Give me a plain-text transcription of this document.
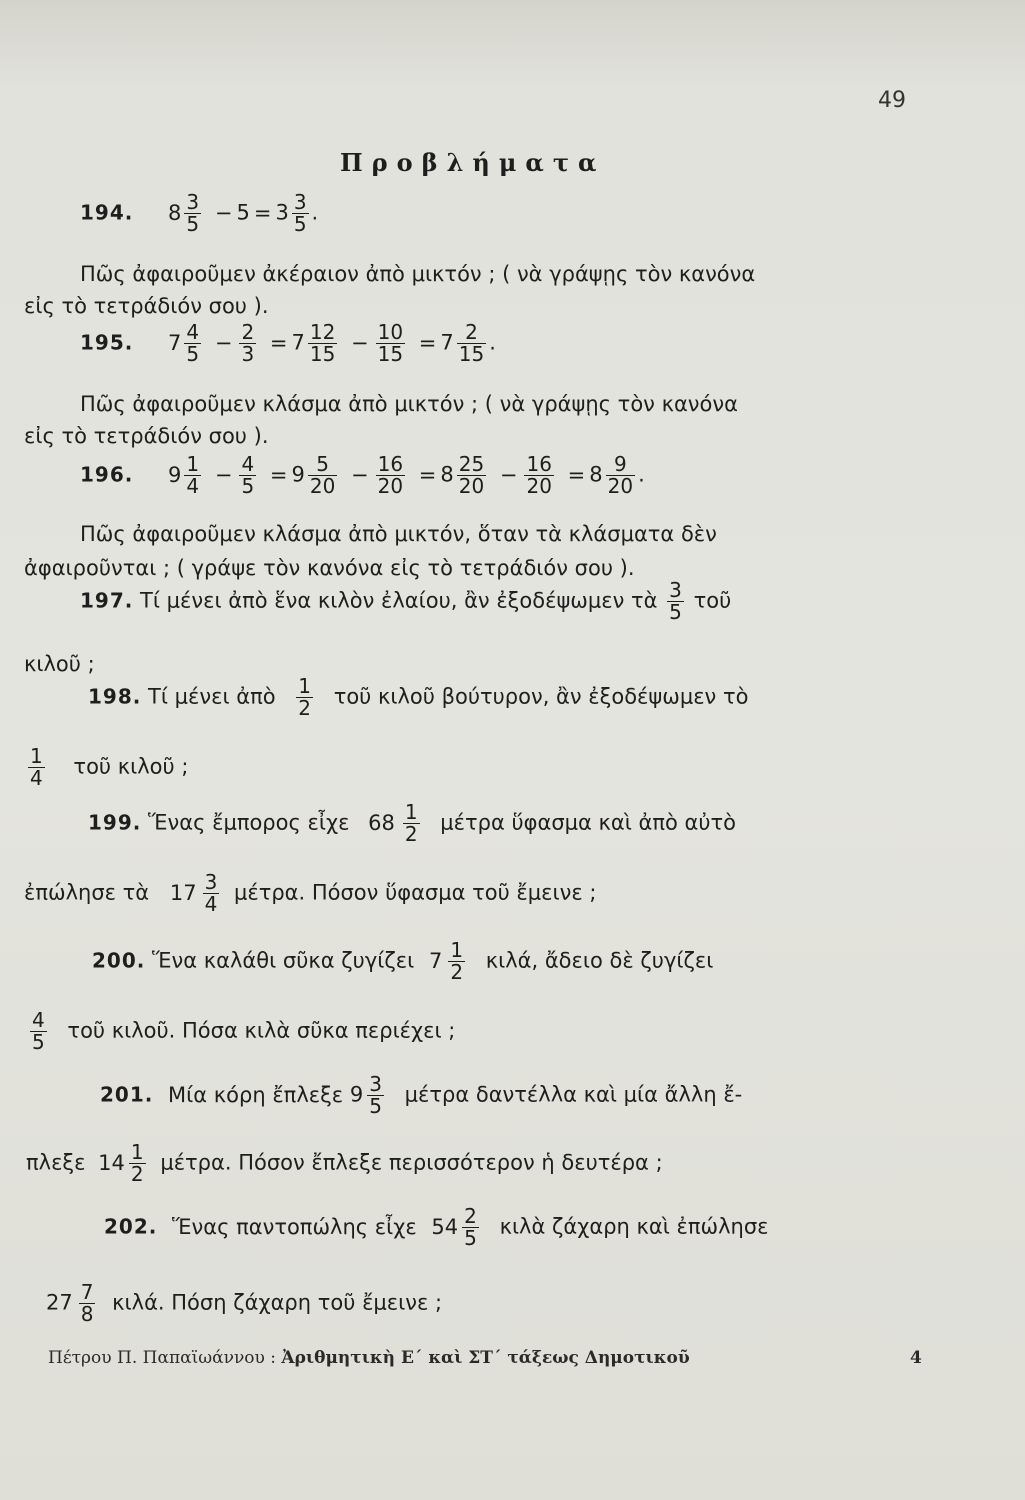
49
Προβλήματα
194. $8 \frac{3}{5} - 5 = 3 \frac{3}{5}$ .
Πῶς ἀφαιροῦμεν ἀκέραιον ἀπὸ μικτόν ; ( νὰ γράψῃς τὸν κανόνα
εἰς τὸ τετράδιόν σου ).
195. $7 \frac{4}{5} - \frac{2}{3} = 7 \frac{12}{15} - \frac{10}{15} = 7 \frac{2}{15}$ .
Πῶς ἀφαιροῦμεν κλάσμα ἀπὸ μικτόν ; ( νὰ γράψῃς τὸν κανόνα
εἰς τὸ τετράδιόν σου ).
196. $9 \frac{1}{4} - \frac{4}{5} = 9 \frac{5}{20} - \frac{16}{20} = 8 \frac{25}{20} - \frac{16}{20} = 8 \frac{9}{20}$ .
Πῶς ἀφαιροῦμεν κλάσμα ἀπὸ μικτόν, ὅταν τὰ κλάσματα δὲν
ἀφαιροῦνται ; ( γράψε τὸν κανόνα εἰς τὸ τετράδιόν σου ).
197. Τί μένει ἀπὸ ἕνα κιλὸν ἐλαίου, ἂν ἐξοδέψωμεν τὰ $\frac{3}{5}$ τοῦ
κιλοῦ ;
198. Τί μένει ἀπὸ $\frac{1}{2}$ τοῦ κιλοῦ βούτυρον, ἂν ἐξοδέψωμεν τὸ
$\frac{1}{4}$ τοῦ κιλοῦ ;
199. Ἕνας ἔμπορος εἶχε $68 \frac{1}{2}$ μέτρα ὕφασμα καὶ ἀπὸ αὐτὸ
ἐπώλησε τὰ $17 \frac{3}{4} \mu έ\tau\rho\alpha$. Πόσον ὕφασμα τοῦ ἔμεινε ;
200. Ἕνα καλάθι σῦκα ζυγίζει $7 \frac{1}{2} \kappa\iota\lambda ά$, ἄδειο δὲ ζυγίζει
$\frac{4}{5}$ τοῦ κιλοῦ. Πόσα κιλὰ σῦκα περιέχει ;
201. Μία κόρη ἔπλεξε $9 \frac{3}{5}$ μέτρα δαντέλλα καὶ μία ἄλλη ἔ-
πλεξε $14 \frac{1}{2} \mu έ\tau\rho\alpha$. Πόσον ἔπλεξε περισσότερον ἡ δευτέρα ;
202. Ἕνας παντοπώλης εἶχε $54 \frac{2}{5}$ κιλὰ ζάχαρη καὶ ἐπώλησε
$27 \frac{7}{8} \kappa\iota\lambda ά$. Πόση ζάχαρη τοῦ ἔμεινε ;
Πέτρου Π. Παπαϊωάννου : Ἀριθμητικὴ Ε΄ καὶ ΣΤ΄ τάξεως Δημοτικοῦ	4
